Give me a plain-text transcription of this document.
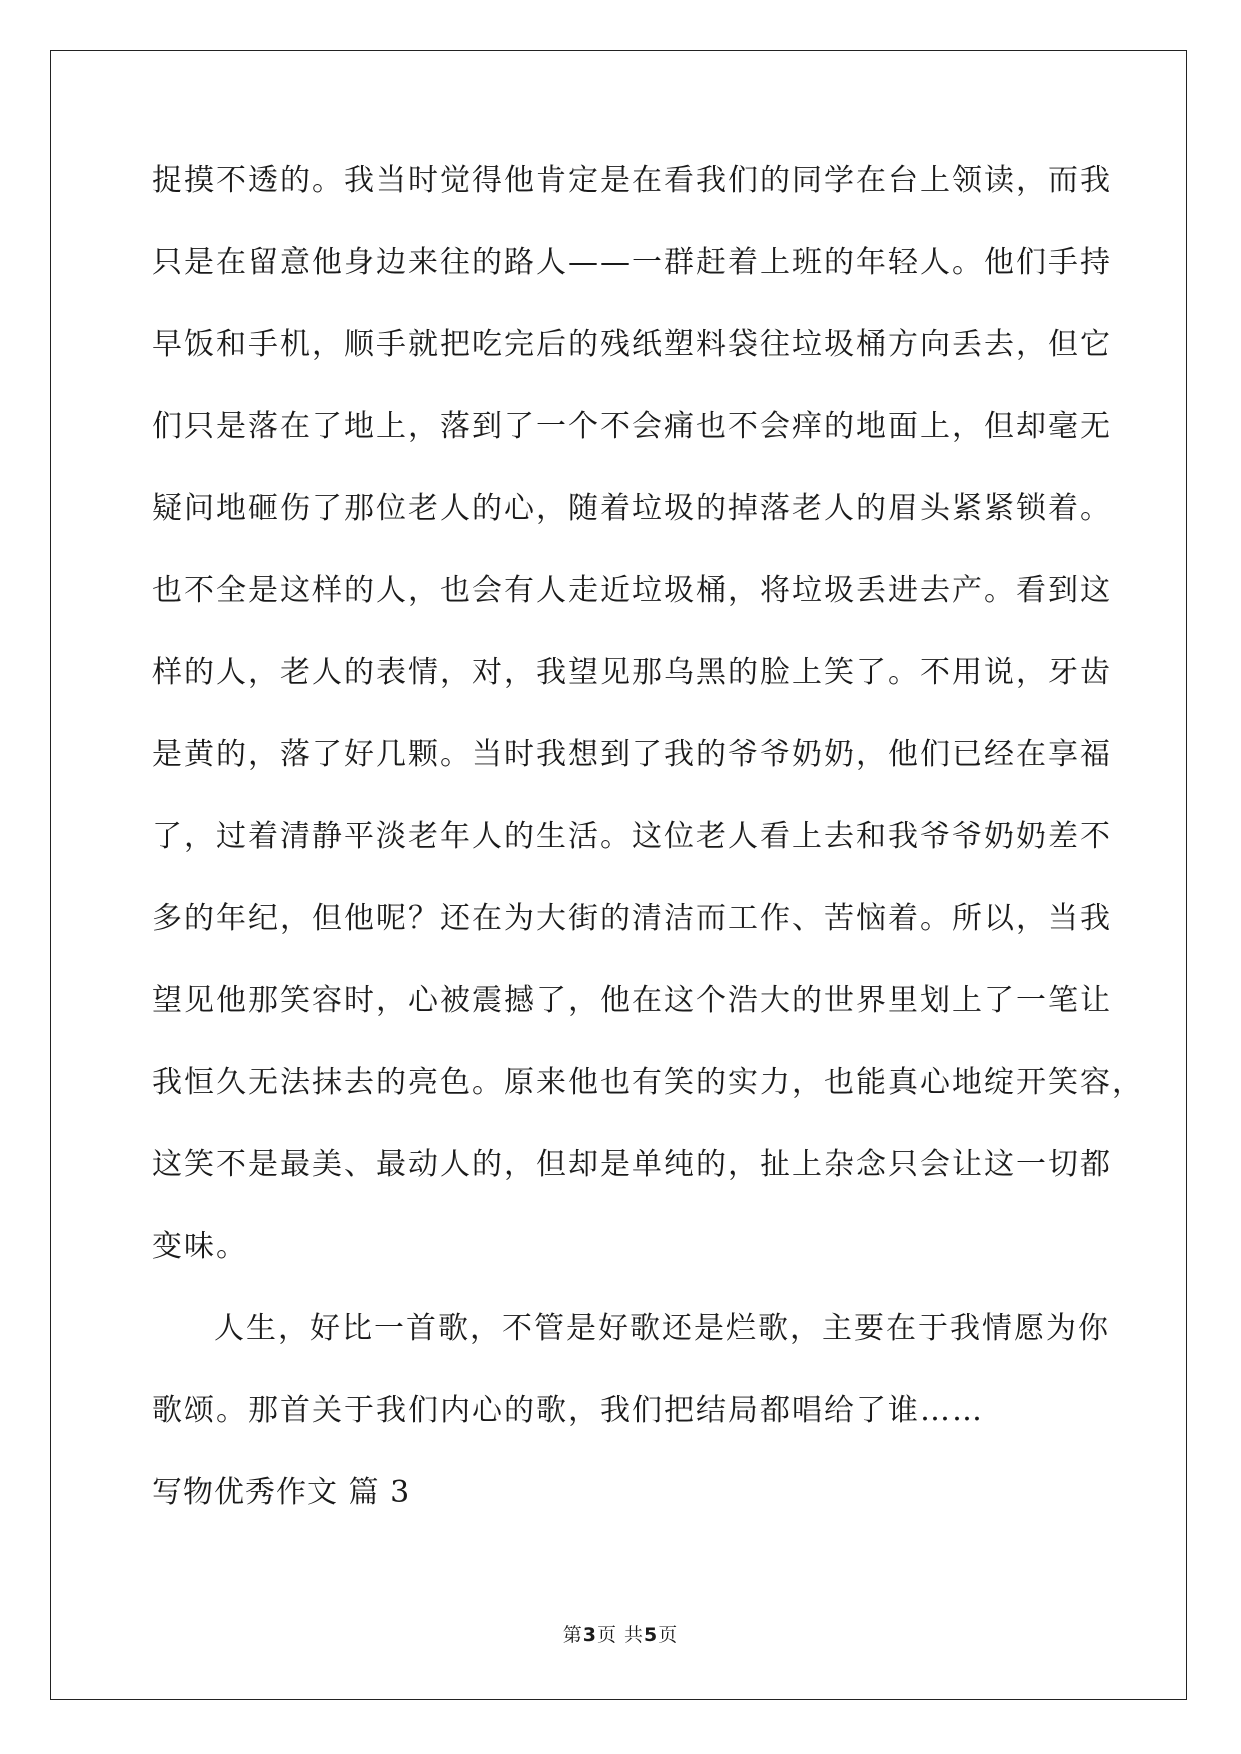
捉摸不透的。我当时觉得他肯定是在看我们的同学在台上领读，而我
只是在留意他身边来往的路人——一群赶着上班的年轻人。他们手持
早饭和手机，顺手就把吃完后的残纸塑料袋往垃圾桶方向丢去，但它
们只是落在了地上，落到了一个不会痛也不会痒的地面上，但却毫无
疑问地砸伤了那位老人的心，随着垃圾的掉落老人的眉头紧紧锁着。
也不全是这样的人，也会有人走近垃圾桶，将垃圾丢进去产。看到这
样的人，老人的表情，对，我望见那乌黑的脸上笑了。不用说，牙齿
是黄的，落了好几颗。当时我想到了我的爷爷奶奶，他们已经在享福
了，过着清静平淡老年人的生活。这位老人看上去和我爷爷奶奶差不
多的年纪，但他呢？还在为大街的清洁而工作、苦恼着。所以，当我
望见他那笑容时，心被震撼了，他在这个浩大的世界里划上了一笔让
我恒久无法抹去的亮色。原来他也有笑的实力，也能真心地绽开笑容，
这笑不是最美、最动人的，但却是单纯的，扯上杂念只会让这一切都
变味。
人生，好比一首歌，不管是好歌还是烂歌，主要在于我情愿为你
歌颂。那首关于我们内心的歌，我们把结局都唱给了谁……
写物优秀作文 篇 3
第3页 共5页
